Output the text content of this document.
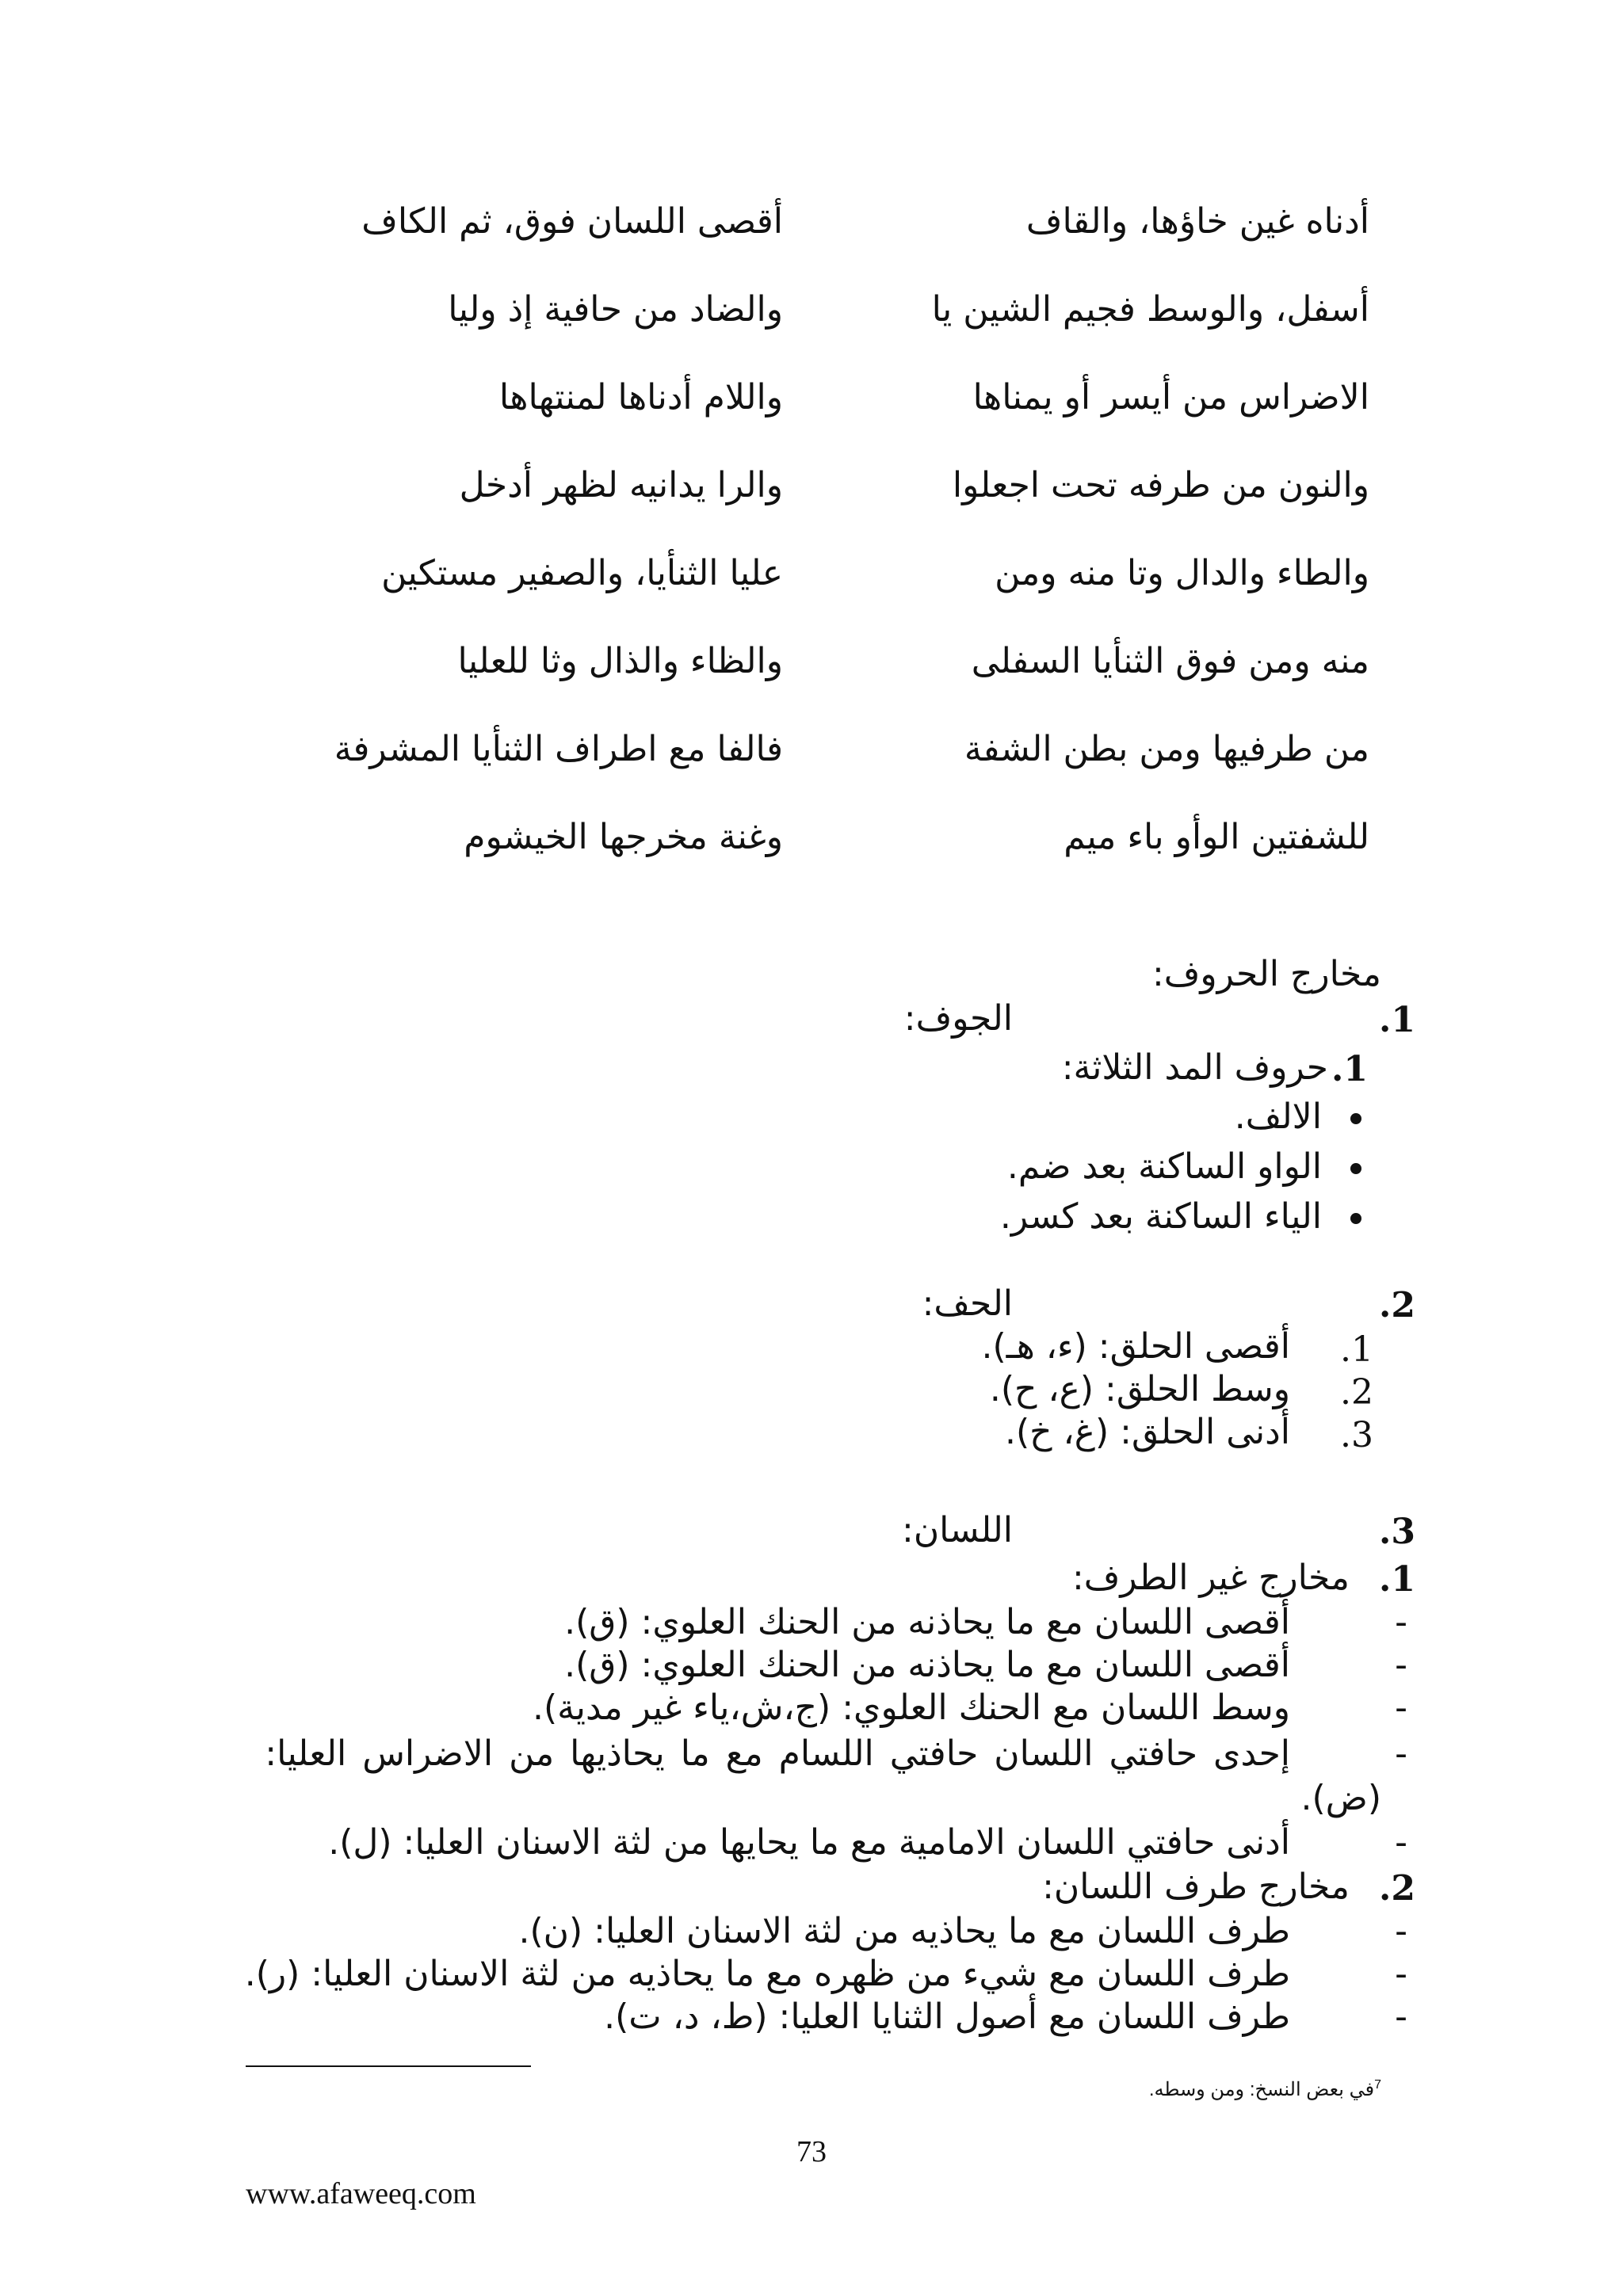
أدناه غين خاؤها، والقاف
أقصى اللسان فوق، ثم الكاف
أسفل، والوسط فجيم الشين يا
والضاد من حافية إذ وليا
الاضراس من أيسر أو يمناها
واللام أدناها لمنتهاها
والنون من طرفه تحت اجعلوا
والرا يدانيه لظهر أدخل
والطاء والدال وتا منه ومن
عليا الثنأيا، والصفير مستكين
منه ومن فوق الثنأيا السفلى
والظاء والذال وثا للعليا
من طرفيها ومن بطن الشفة
فالفا مع اطراف الثنأيا المشرفة
للشفتين الوأو باء ميم
وغنة مخرجها الخيشوم
مخارج الحروف:
1.
الجوف:
1.
حروف المد الثلاثة:
الالف.
الواو الساكنة بعد ضم.
الياء الساكنة بعد كسر.
2.
الحف:
1.
أقصى الحلق: (ء، هـ).
2.
وسط الحلق: (ع، ح).
3.
أدنى الحلق: (غ، خ).
3.
اللسان:
1.
مخارج غير الطرف:
-
أقصى اللسان مع ما يحاذنه من الحنك العلوي: (ق).
-
أقصى اللسان مع ما يحاذنه من الحنك العلوي: (ق).
-
وسط اللسان مع الحنك العلوي: (ج،ش،ياء غير مدية).
-
إحدى حافتي اللسان حافتي اللسام مع ما يحاذيها من الاضراس العليا:
(ض).
-
أدنى حافتي اللسان الامامية مع ما يحايها من لثة الاسنان العليا: (ل).
2.
مخارج طرف اللسان:
-
طرف اللسان مع ما يحاذيه من لثة الاسنان العليا: (ن).
-
طرف اللسان مع شيء من ظهره مع ما يحاذيه من لثة الاسنان العليا: (ر).
-
طرف اللسان مع أصول الثنايا العليا: (ط، د، ت).
$^7$في بعض النسخ: ومن وسطه.
73
www.afaweeq.com
